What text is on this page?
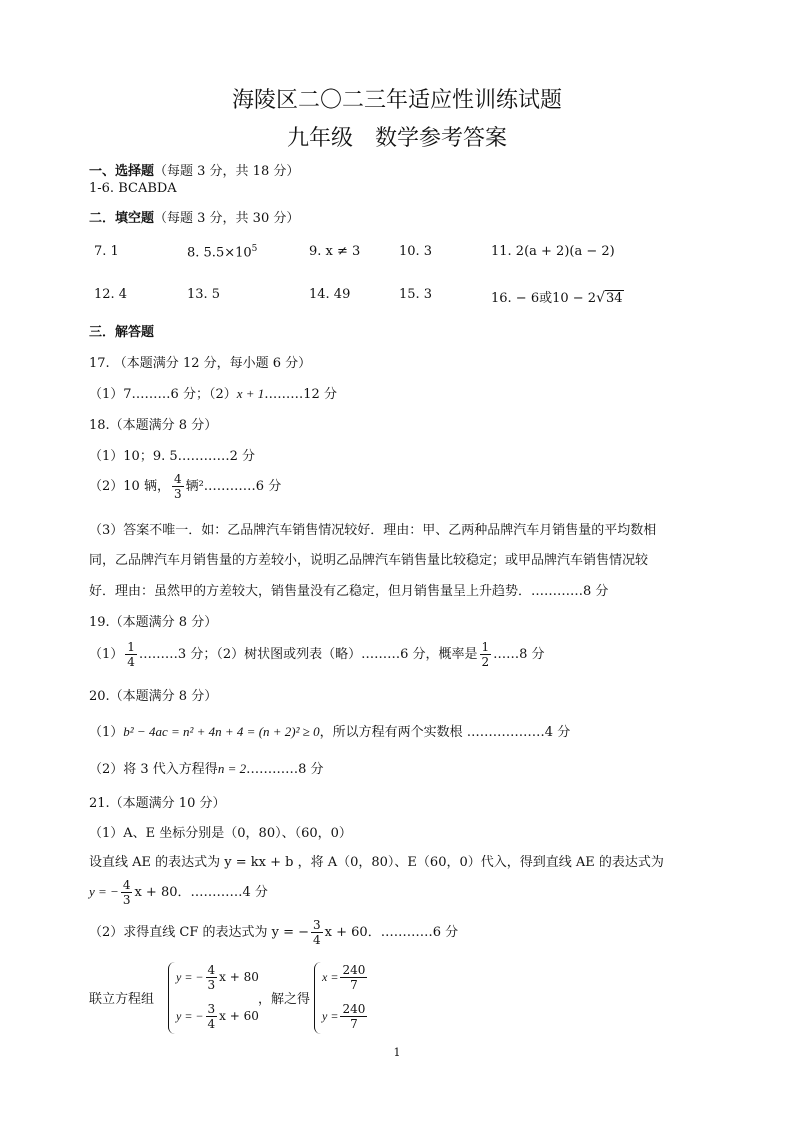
海陵区二〇二三年适应性训练试题
九年级　数学参考答案
一、选择题（每题 3 分，共 18 分）
1-6. BCABDA
二．填空题（每题 3 分，共 30 分）
7. 1	8. $5.5\times 10^5$	9. x ≠ 3	10. 3	11. 2(a + 2)(a − 2)
12. 4	13. 5	14. 49	15. 3	16. − 6或10 − 2√34
三．解答题
17. （本题满分 12 分，每小题 6 分）
（1）7………6 分；（2）x + 1………12 分
18.（本题满分 8 分）
（1）10；9. 5…………2 分
（2）10 辆， $\frac{4}{3}$ 辆²…………6 分
（3）答案不唯一．如：乙品牌汽车销售情况较好．理由：甲、乙两种品牌汽车月销售量的平均数相
同，乙品牌汽车月销售量的方差较小，说明乙品牌汽车销售量比较稳定；或甲品牌汽车销售情况较
好．理由：虽然甲的方差较大，销售量没有乙稳定，但月销售量呈上升趋势．…………8 分
19.（本题满分 8 分）
$(1) \frac{1}{4}$ ………3 分；（2）树状图或列表（略）………6 分，概率是 $\frac{1}{2}$ ……8 分
20.（本题满分 8 分）
（1）b² − 4ac = n² + 4n + 4 = (n + 2)² ≥ 0，所以方程有两个实数根 ………………4 分
（2）将 3 代入方程得n = 2…………8 分
21.（本题满分 10 分）
（1）A、E 坐标分别是（0，80）、（60，0）
设直线 AE 的表达式为 y = kx + b ，将 A（0，80）、E（60，0）代入，得到直线 AE 的表达式为
y = − $\frac{4}{3}$ x + 80．…………4 分
（2）求得直线 CF 的表达式为 y = − $\frac{3}{4}$ x + 60．…………6 分
联立方程组
y = − $\frac{4}{3}$ x + 80
y = − $\frac{3}{4}$ x + 60
，解之得
$x = \frac{240}{7}$
$y = \frac{240}{7}$
1
